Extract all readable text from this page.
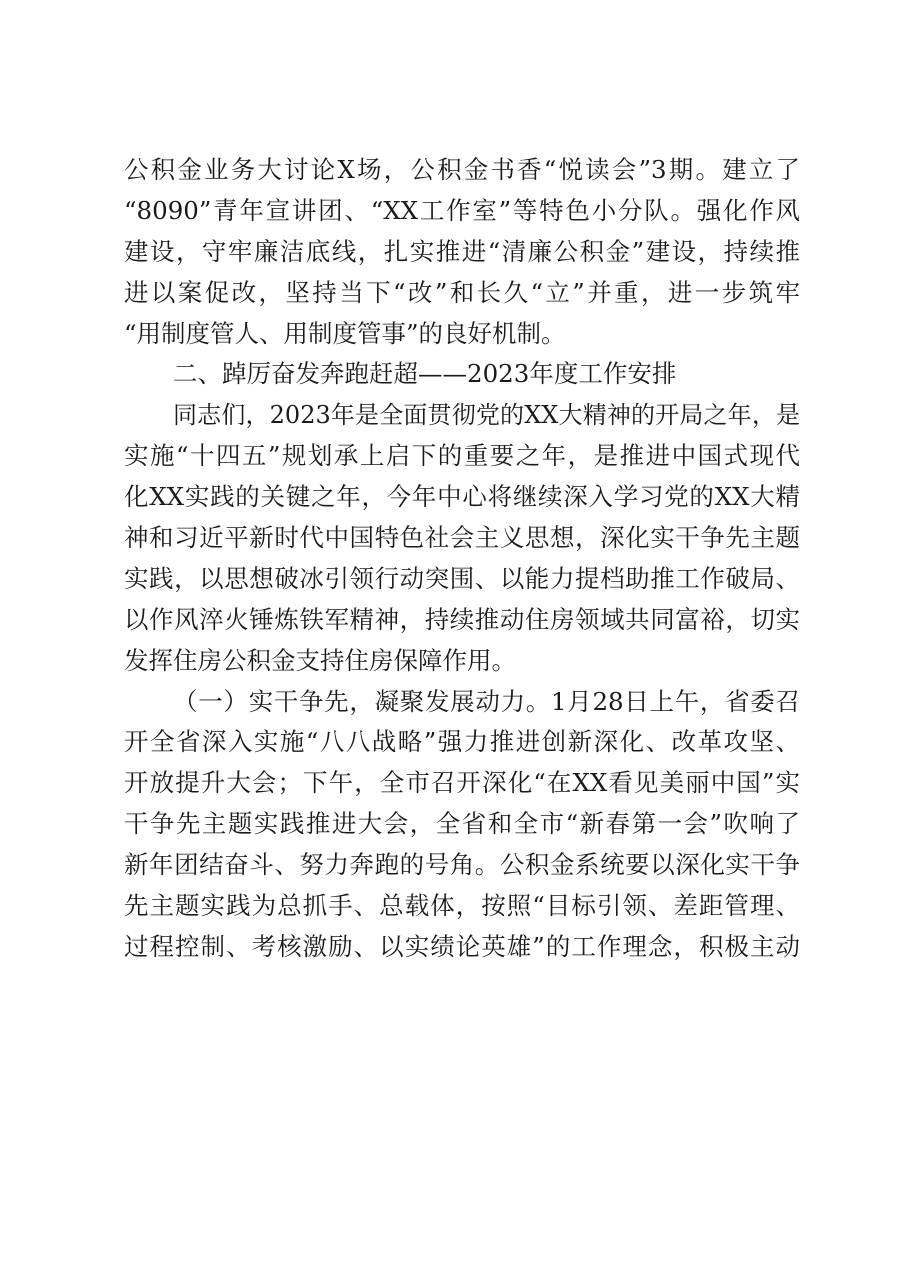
公积金业务大讨论X场，公积金书香“悦读会”3期。建立了
“8090”青年宣讲团、“XX工作室”等特色小分队。强化作风
建设，守牢廉洁底线，扎实推进“清廉公积金”建设，持续推
进以案促改，坚持当下“改”和长久“立”并重，进一步筑牢
“用制度管人、用制度管事”的良好机制。
二、踔厉奋发奔跑赶超——2023年度工作安排
同志们，2023年是全面贯彻党的XX大精神的开局之年，是
实施“十四五”规划承上启下的重要之年，是推进中国式现代
化XX实践的关键之年，今年中心将继续深入学习党的XX大精
神和习近平新时代中国特色社会主义思想，深化实干争先主题
实践，以思想破冰引领行动突围、以能力提档助推工作破局、
以作风淬火锤炼铁军精神，持续推动住房领域共同富裕，切实
发挥住房公积金支持住房保障作用。
（一）实干争先，凝聚发展动力。1月28日上午，省委召
开全省深入实施“八八战略”强力推进创新深化、改革攻坚、
开放提升大会；下午，全市召开深化“在XX看见美丽中国”实
干争先主题实践推进大会，全省和全市“新春第一会”吹响了
新年团结奋斗、努力奔跑的号角。公积金系统要以深化实干争
先主题实践为总抓手、总载体，按照“目标引领、差距管理、
过程控制、考核激励、以实绩论英雄”的工作理念，积极主动
